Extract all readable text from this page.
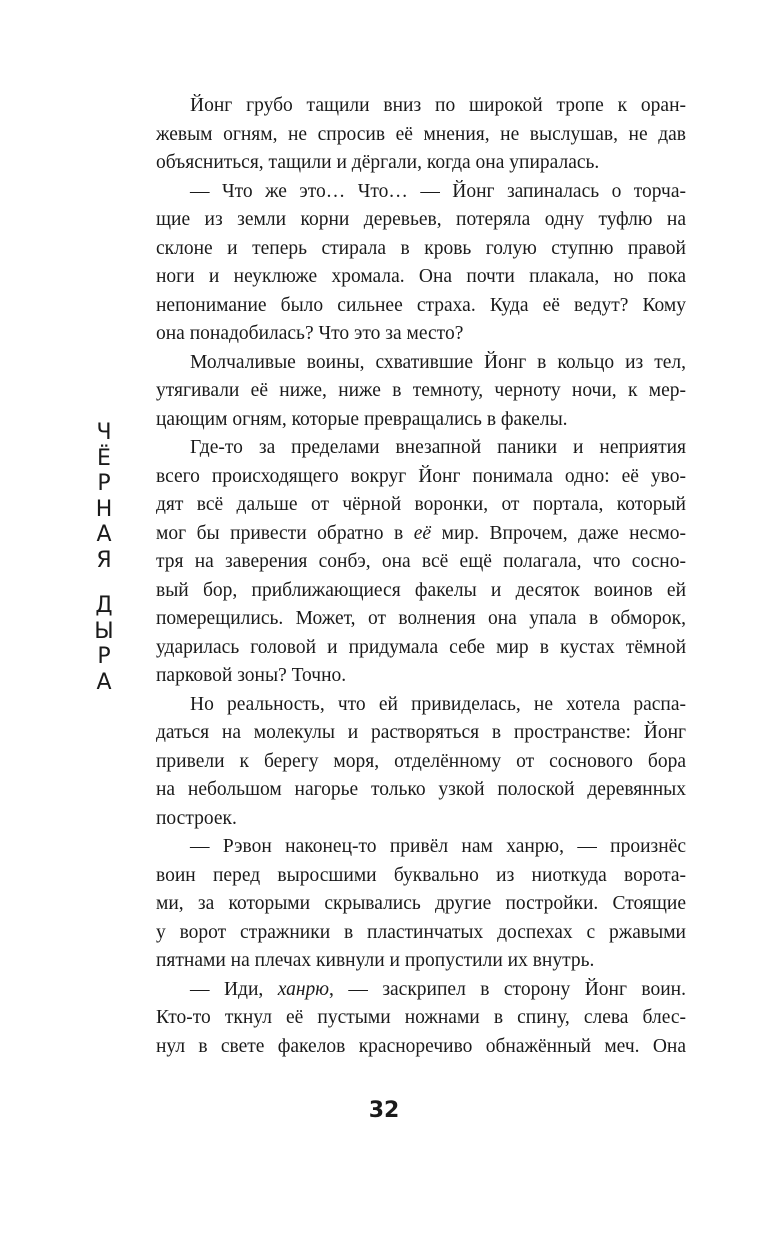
Ч
Ё
Р
Н
А
Я
Д
Ы
Р
А
Йонг грубо тащили вниз по широкой тропе к оран-
жевым огням, не спросив её мнения, не выслушав, не дав
объясниться, тащили и дёргали, когда она упиралась.
— Что же это… Что… — Йонг запиналась о торча-
щие из земли корни деревьев, потеряла одну туфлю на
склоне и теперь стирала в кровь голую ступню правой
ноги и неуклюже хромала. Она почти плакала, но пока
непонимание было сильнее страха. Куда её ведут? Кому
она понадобилась? Что это за место?
Молчаливые воины, схватившие Йонг в кольцо из тел,
утягивали её ниже, ниже в темноту, черноту ночи, к мер-
цающим огням, которые превращались в факелы.
Где-то за пределами внезапной паники и неприятия
всего происходящего вокруг Йонг понимала одно: её уво-
дят всё дальше от чёрной воронки, от портала, который
мог бы привести обратно в её мир. Впрочем, даже несмо-
тря на заверения сонбэ, она всё ещё полагала, что сосно-
вый бор, приближающиеся факелы и десяток воинов ей
померещились. Может, от волнения она упала в обморок,
ударилась головой и придумала себе мир в кустах тёмной
парковой зоны? Точно.
Но реальность, что ей привиделась, не хотела распа-
даться на молекулы и растворяться в пространстве: Йонг
привели к берегу моря, отделённому от соснового бора
на небольшом нагорье только узкой полоской деревянных
построек.
— Рэвон наконец-то привёл нам ханрю, — произнёс
воин перед выросшими буквально из ниоткуда ворота-
ми, за которыми скрывались другие постройки. Стоящие
у ворот стражники в пластинчатых доспехах с ржавыми
пятнами на плечах кивнули и пропустили их внутрь.
— Иди, ханрю, — заскрипел в сторону Йонг воин.
Кто-то ткнул её пустыми ножнами в спину, слева блес-
нул в свете факелов красноречиво обнажённый меч. Она
32
